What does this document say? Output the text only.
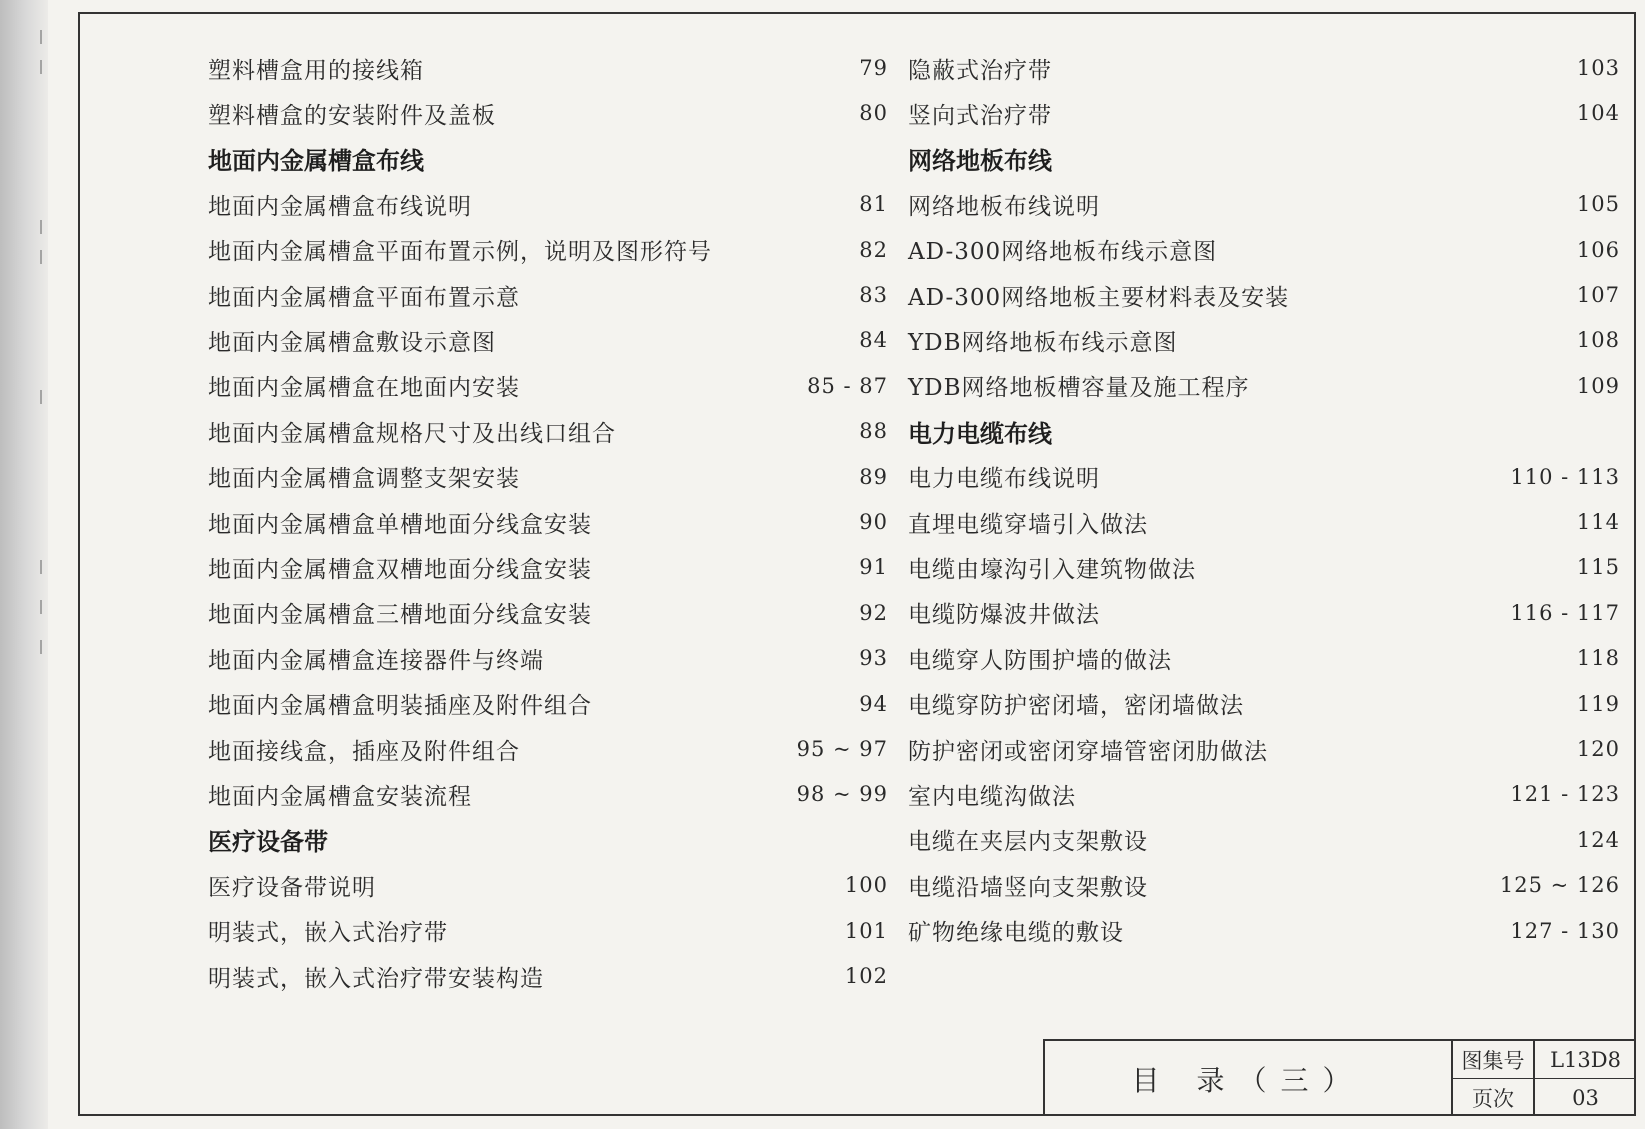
塑料槽盒用的接线箱	79
塑料槽盒的安装附件及盖板	80
地面内金属槽盒布线
地面内金属槽盒布线说明	81
地面内金属槽盒平面布置示例，说明及图形符号	82
地面内金属槽盒平面布置示意	83
地面内金属槽盒敷设示意图	84
地面内金属槽盒在地面内安装	85 - 87
地面内金属槽盒规格尺寸及出线口组合	88
地面内金属槽盒调整支架安装	89
地面内金属槽盒单槽地面分线盒安装	90
地面内金属槽盒双槽地面分线盒安装	91
地面内金属槽盒三槽地面分线盒安装	92
地面内金属槽盒连接器件与终端	93
地面内金属槽盒明装插座及附件组合	94
地面接线盒，插座及附件组合	95 ~ 97
地面内金属槽盒安装流程	98 ~ 99
医疗设备带
医疗设备带说明	100
明装式，嵌入式治疗带	101
明装式，嵌入式治疗带安装构造	102
隐蔽式治疗带	103
竖向式治疗带	104
网络地板布线
网络地板布线说明	105
AD-300网络地板布线示意图	106
AD-300网络地板主要材料表及安装	107
YDB网络地板布线示意图	108
YDB网络地板槽容量及施工程序	109
电力电缆布线
电力电缆布线说明	110 - 113
直埋电缆穿墙引入做法	114
电缆由壕沟引入建筑物做法	115
电缆防爆波井做法	116 - 117
电缆穿人防围护墙的做法	118
电缆穿防护密闭墙，密闭墙做法	119
防护密闭或密闭穿墙管密闭肋做法	120
室内电缆沟做法	121 - 123
电缆在夹层内支架敷设	124
电缆沿墙竖向支架敷设	125 ~ 126
矿物绝缘电缆的敷设	127 - 130
目 录（三）
图集号	L13D8
页次	03
